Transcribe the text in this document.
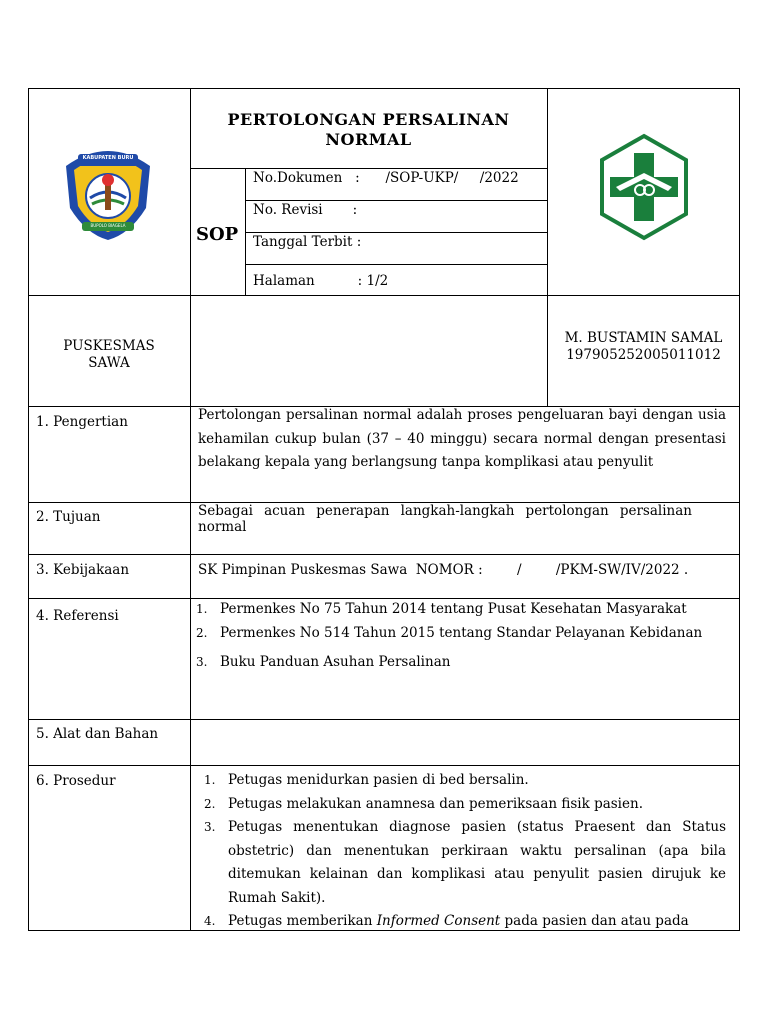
KABUPATEN BURU
BUPOLO BIAGELA
PERTOLONGAN PERSALINAN
NORMAL
SOP
No.Dokumen   :      /SOP-UKP/     /2022
No. Revisi       :
Tanggal Terbit :
Halaman          : 1/2
PUSKESMAS
SAWA
M. BUSTAMIN SAMAL
197905252005011012
1. Pengertian	Pertolongan persalinan normal adalah proses pengeluaran bayi dengan usia kehamilan cukup bulan (37 – 40 minggu) secara normal dengan presentasi belakang kepala yang berlangsung tanpa komplikasi atau penyulit
2. Tujuan	Sebagai acuan penerapan langkah-langkah pertolongan persalinan normal
3. Kebijakaan	SK Pimpinan Puskesmas Sawa  NOMOR :        /        /PKM-SW/IV/2022 .
4. Referensi	1. Permenkes No 75 Tahun 2014 tentang Pusat Kesehatan Masyarakat
2. Permenkes No 514 Tahun 2015 tentang Standar Pelayanan Kebidanan
3. Buku Panduan Asuhan Persalinan
5. Alat dan Bahan
6. Prosedur	1. Petugas menidurkan pasien di bed bersalin.
2. Petugas melakukan anamnesa dan pemeriksaan fisik pasien.
3. Petugas menentukan diagnose pasien (status Praesent dan Status obstetric) dan menentukan perkiraan waktu persalinan (apa bila ditemukan kelainan dan komplikasi atau penyulit pasien dirujuk ke Rumah Sakit).
4. Petugas memberikan Informed Consent pada pasien dan atau pada
